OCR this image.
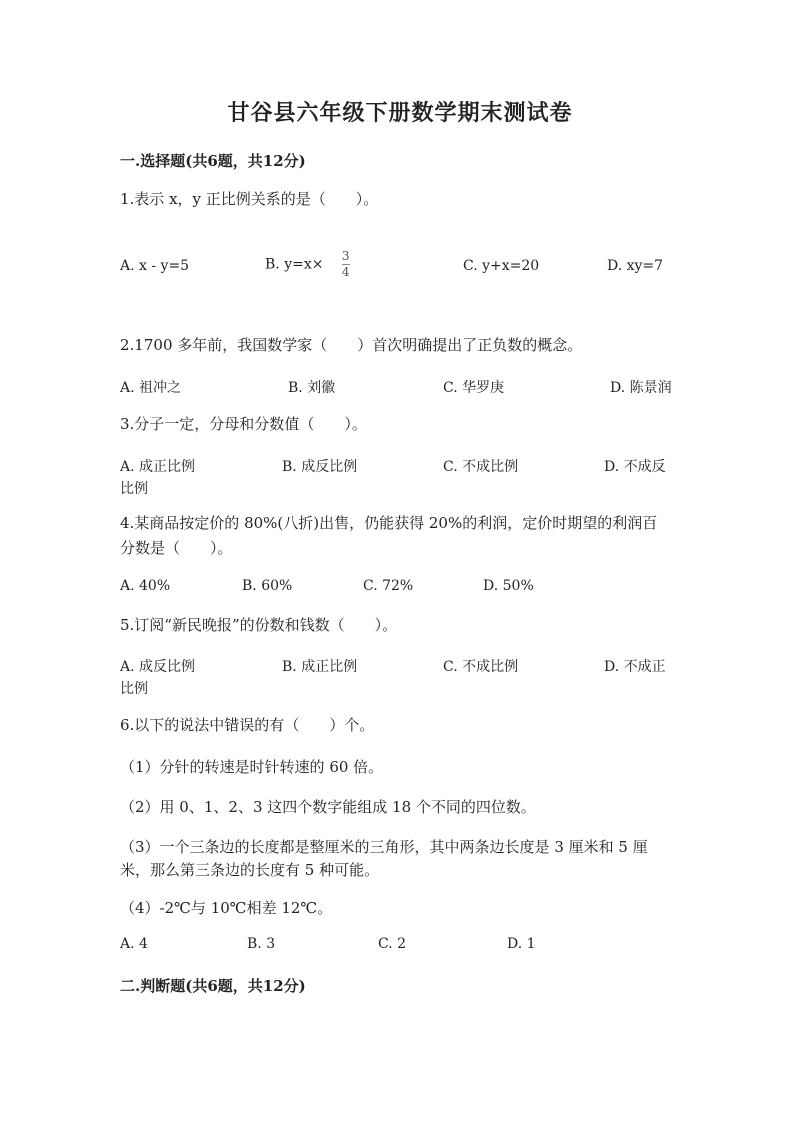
甘谷县六年级下册数学期末测试卷
一.选择题(共6题，共12分)
1.表示 x，y 正比例关系的是（　　）。
A. x - y=5	B. $y=x\times \frac{3}{4}$	C. y+x=20	D. xy=7
2.1700 多年前，我国数学家（　　）首次明确提出了正负数的概念。
A. 祖冲之	B. 刘徽	C. 华罗庚	D. 陈景润
3.分子一定，分母和分数值（　　）。
A. 成正比例	B. 成反比例	C. 不成比例	D. 不成反
比例
4.某商品按定价的 80%(八折)出售，仍能获得 20%的利润，定价时期望的利润百
分数是（　　）。
A. 40%	B. 60%	C. 72%	D. 50%
5.订阅“新民晚报”的份数和钱数（　　）。
A. 成反比例	B. 成正比例	C. 不成比例	D. 不成正
比例
6.以下的说法中错误的有（　　）个。
（1）分针的转速是时针转速的 60 倍。
（2）用 0、1、2、3 这四个数字能组成 18 个不同的四位数。
（3）一个三条边的长度都是整厘米的三角形，其中两条边长度是 3 厘米和 5 厘
米，那么第三条边的长度有 5 种可能。
（4）-2℃与 10℃相差 12℃。
A. 4	B. 3	C. 2	D. 1
二.判断题(共6题，共12分)
